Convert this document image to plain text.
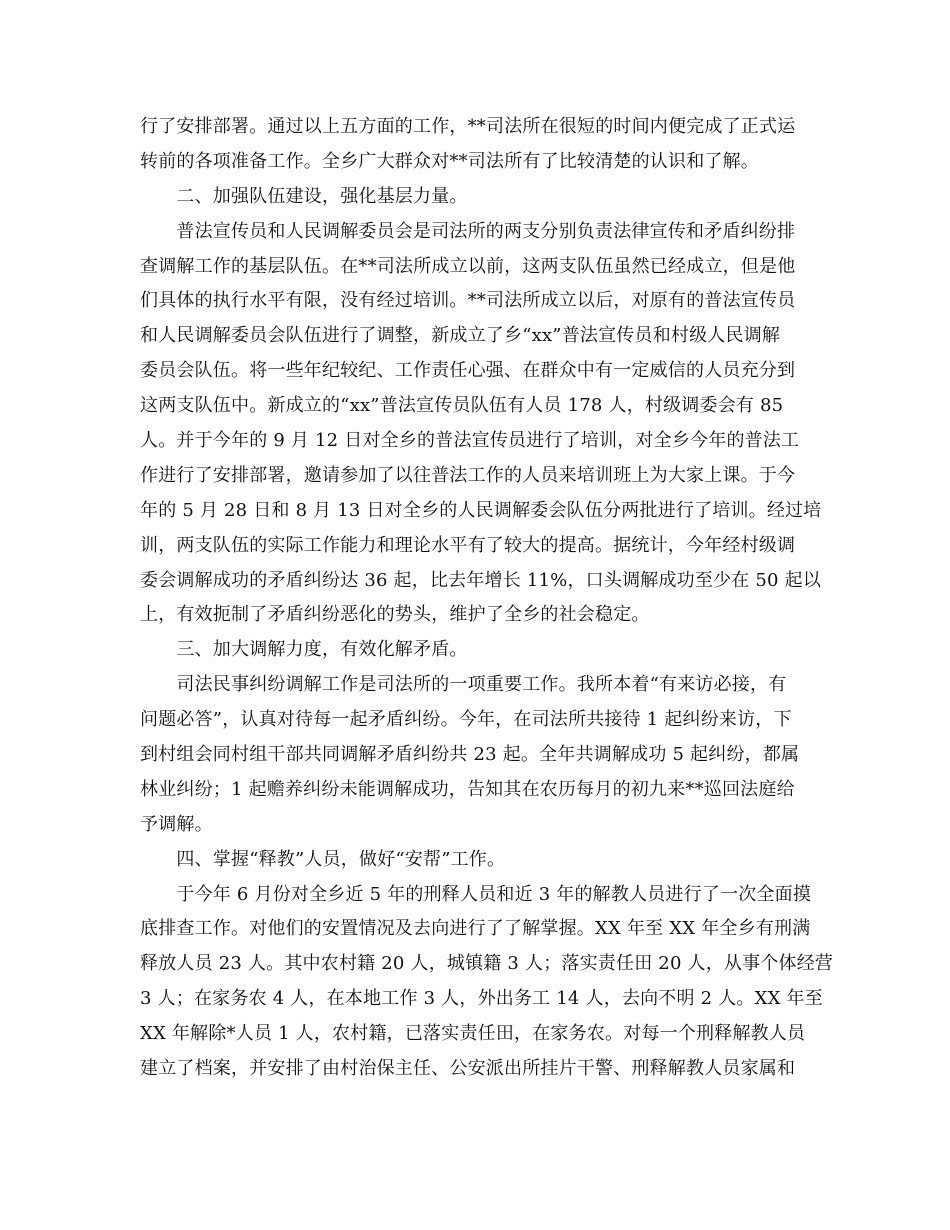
行了安排部署。通过以上五方面的工作，**司法所在很短的时间内便完成了正式运
转前的各项准备工作。全乡广大群众对**司法所有了比较清楚的认识和了解。
　　二、加强队伍建设，强化基层力量。
　　普法宣传员和人民调解委员会是司法所的两支分别负责法律宣传和矛盾纠纷排
查调解工作的基层队伍。在**司法所成立以前，这两支队伍虽然已经成立，但是他
们具体的执行水平有限，没有经过培训。**司法所成立以后，对原有的普法宣传员
和人民调解委员会队伍进行了调整，新成立了乡“xx”普法宣传员和村级人民调解
委员会队伍。将一些年纪较纪、工作责任心强、在群众中有一定威信的人员充分到
这两支队伍中。新成立的“xx”普法宣传员队伍有人员 178 人，村级调委会有 85
人。并于今年的 9 月 12 日对全乡的普法宣传员进行了培训，对全乡今年的普法工
作进行了安排部署，邀请参加了以往普法工作的人员来培训班上为大家上课。于今
年的 5 月 28 日和 8 月 13 日对全乡的人民调解委会队伍分两批进行了培训。经过培
训，两支队伍的实际工作能力和理论水平有了较大的提高。据统计，今年经村级调
委会调解成功的矛盾纠纷达 36 起，比去年增长 11%，口头调解成功至少在 50 起以
上，有效扼制了矛盾纠纷恶化的势头，维护了全乡的社会稳定。
　　三、加大调解力度，有效化解矛盾。
　　司法民事纠纷调解工作是司法所的一项重要工作。我所本着“有来访必接，有
问题必答”，认真对待每一起矛盾纠纷。今年，在司法所共接待 1 起纠纷来访，下
到村组会同村组干部共同调解矛盾纠纷共 23 起。全年共调解成功 5 起纠纷，都属
林业纠纷；1 起赡养纠纷未能调解成功，告知其在农历每月的初九来**巡回法庭给
予调解。
　　四、掌握“释教”人员，做好“安帮”工作。
　　于今年 6 月份对全乡近 5 年的刑释人员和近 3 年的解教人员进行了一次全面摸
底排查工作。对他们的安置情况及去向进行了了解掌握。XX 年至 XX 年全乡有刑满
释放人员 23 人。其中农村籍 20 人，城镇籍 3 人；落实责任田 20 人，从事个体经营
3 人；在家务农 4 人，在本地工作 3 人，外出务工 14 人，去向不明 2 人。XX 年至
XX 年解除*人员 1 人，农村籍，已落实责任田，在家务农。对每一个刑释解教人员
建立了档案，并安排了由村治保主任、公安派出所挂片干警、刑释解教人员家属和
